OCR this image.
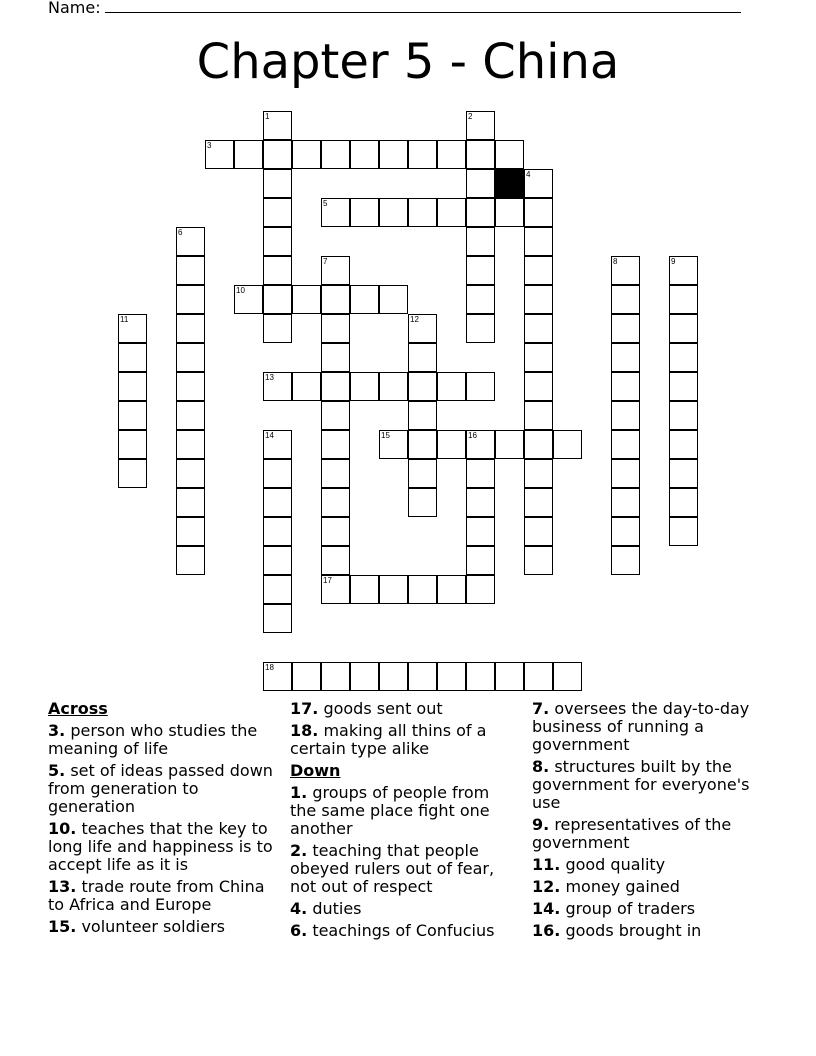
Name:
Chapter 5 - China
1	2
3
4
5
6
7	8	9
10
11	12
13
14	15	16
17
18
Across
3. person who studies the meaning of life
5. set of ideas passed down from generation to generation
10. teaches that the key to long life and happiness is to accept life as it is
13. trade route from China to Africa and Europe
15. volunteer soldiers
17. goods sent out
18. making all thins of a certain type alike
Down
1. groups of people from the same place fight one another
2. teaching that people obeyed rulers out of fear, not out of respect
4. duties
6. teachings of Confucius
7. oversees the day-to-day business of running a government
8. structures built by the government for everyone's use
9. representatives of the government
11. good quality
12. money gained
14. group of traders
16. goods brought in
